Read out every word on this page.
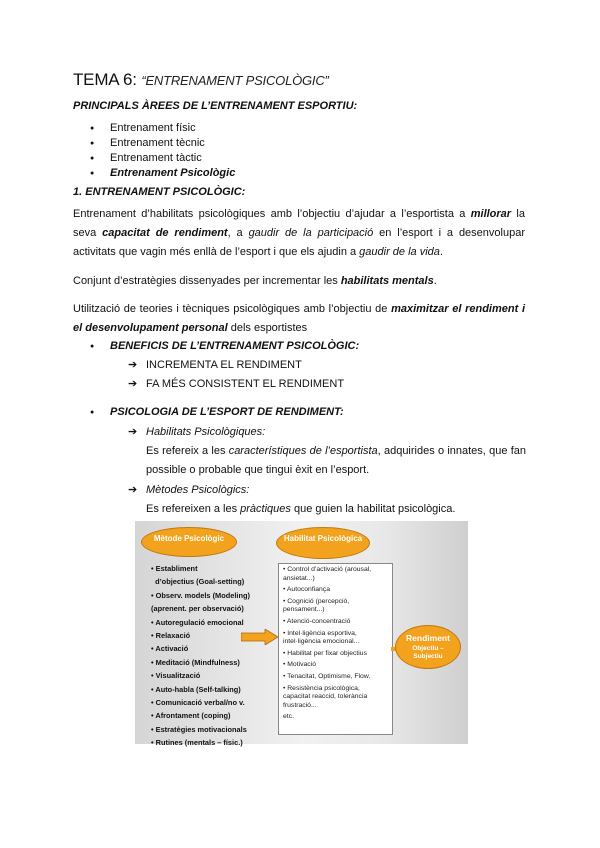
TEMA 6: “ENTRENAMENT PSICOLÒGIC”
PRINCIPALS ÀREES DE L’ENTRENAMENT ESPORTIU:
● Entrenament físic
● Entrenament tècnic
● Entrenament tàctic
● Entrenament Psicològic
1. ENTRENAMENT PSICOLÒGIC:
Entrenament d’habilitats psicològiques amb l’objectiu d’ajudar a l’esportista a millorar la seva capacitat de rendiment, a gaudir de la participació en l’esport i a desenvolupar activitats que vagin més enllà de l’esport i que els ajudin a gaudir de la vida.
Conjunt d’estratègies dissenyades per incrementar les habilitats mentals.
Utilització de teories i tècniques psicològiques amb l’objectiu de maximitzar el rendiment i el desenvolupament personal dels esportistes
● BENEFICIS DE L’ENTRENAMENT PSICOLÒGIC:
➔ INCREMENTA EL RENDIMENT
➔ FA MÉS CONSISTENT EL RENDIMENT
● PSICOLOGIA DE L’ESPORT DE RENDIMENT:
➔ Habilitats Psicològiques:
Es refereix a les característiques de l’esportista, adquirides o innates, que fan possible o probable que tingui èxit en l’esport.
➔ Mètodes Psicològics:
Es refereixen a les pràctiques que guien la habilitat psicològica.
Mètode Psicològic	Habilitat Psicològica
• Establiment
d’objectius (Goal-setting)
• Observ. models (Modeling)
(aprenent. per observació)
• Autoregulació emocional
• Relaxació
• Activació
• Meditació (Mindfulness)
• Visualització
• Auto-habla (Self-talking)
• Comunicació verbal/no v.
• Afrontament (coping)
• Estratègies motivacionals
• Rutines (mentals – físic.)
• Control d’activació (arousal, ansietat...)
• Autoconfiança
• Cognició (percepció, pensament...)
• Atenció-concentració
• Intel·ligència esportiva, intel·ligència emocional...
• Habilitat per fixar objectius
• Motivació
• Tenacitat, Optimisme, Flow.
• Resistència psicològica, capacitat reaccid, tolerància frustració...
etc.
Rendiment
Objectiu – Subjectiu
